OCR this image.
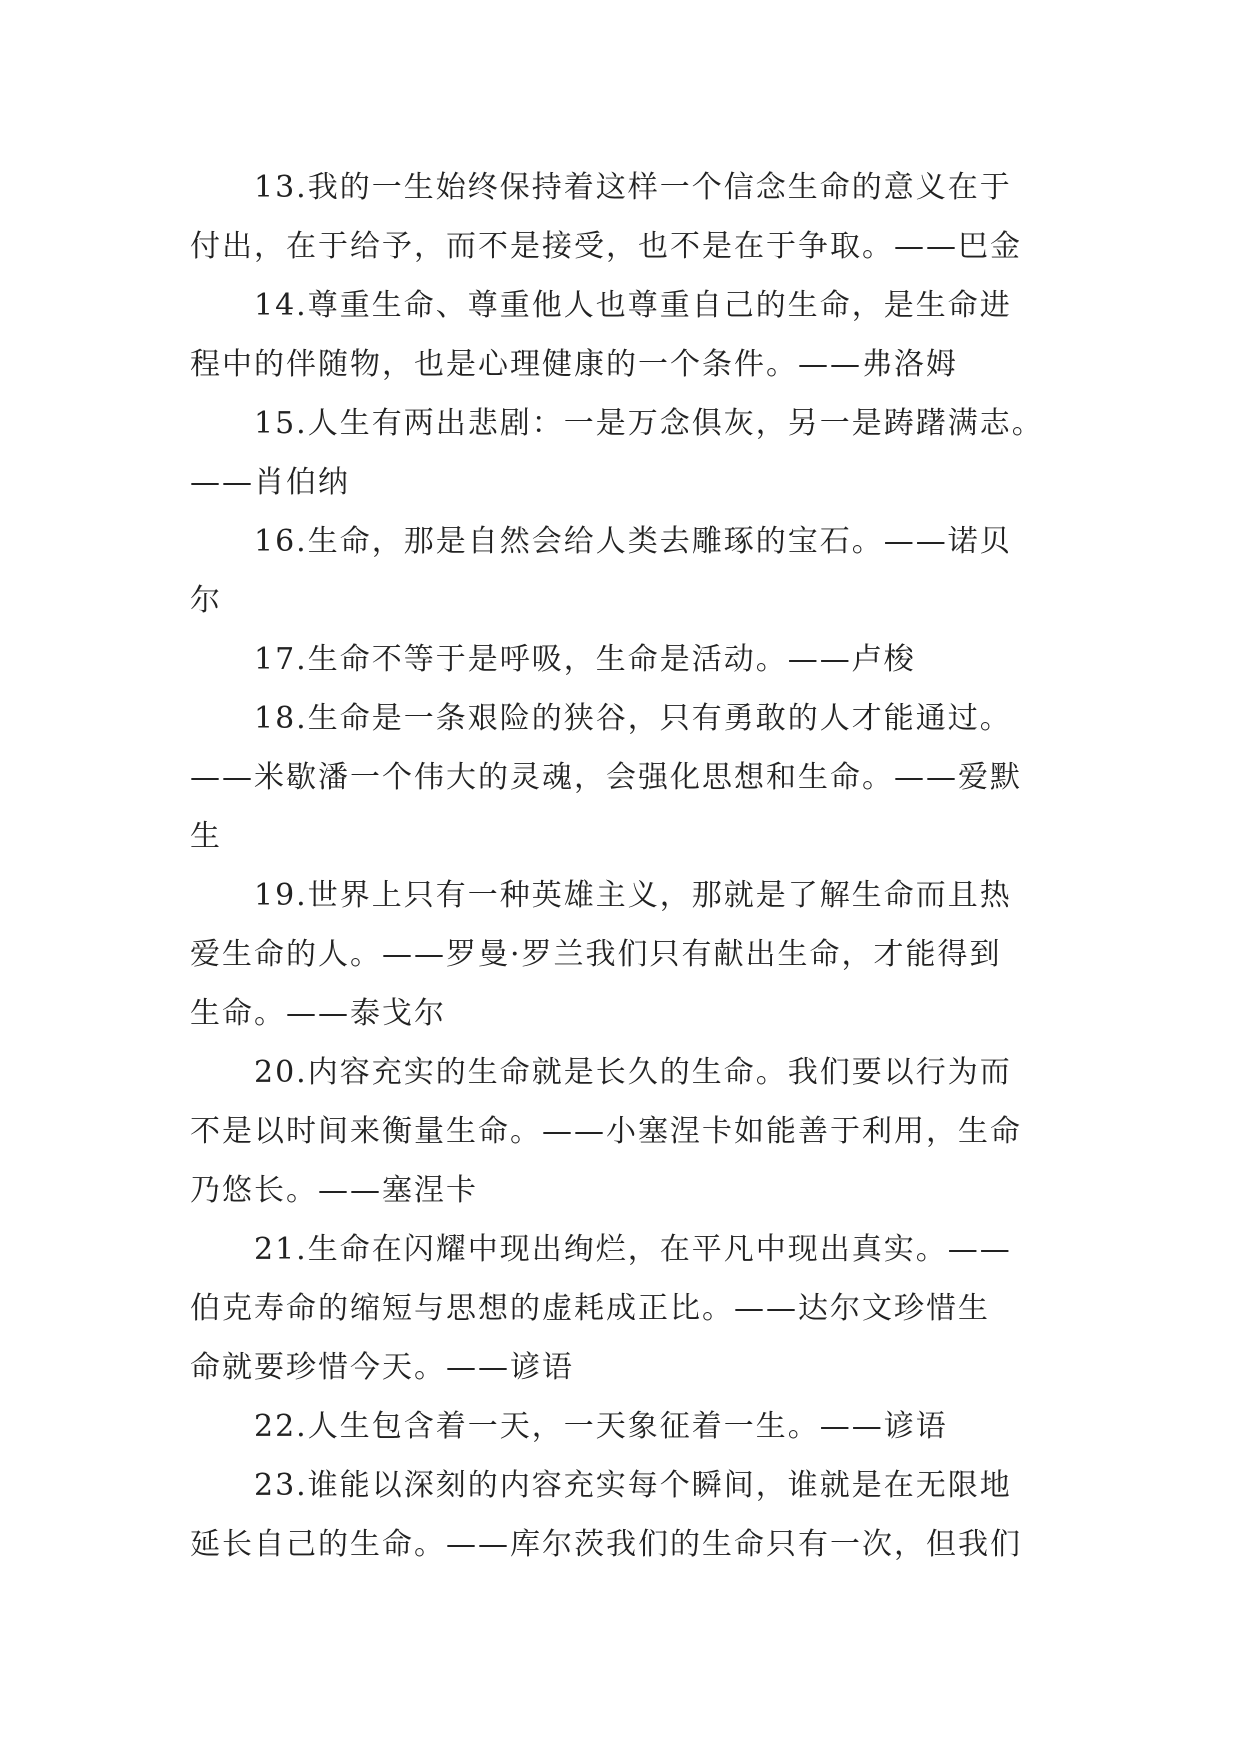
13.我的一生始终保持着这样一个信念生命的意义在于
付出，在于给予，而不是接受，也不是在于争取。——巴金
14.尊重生命、尊重他人也尊重自己的生命，是生命进
程中的伴随物，也是心理健康的一个条件。——弗洛姆
15.人生有两出悲剧：一是万念俱灰，另一是踌躇满志。
——肖伯纳
16.生命，那是自然会给人类去雕琢的宝石。——诺贝
尔
17.生命不等于是呼吸，生命是活动。——卢梭
18.生命是一条艰险的狭谷，只有勇敢的人才能通过。
——米歇潘一个伟大的灵魂，会强化思想和生命。——爱默
生
19.世界上只有一种英雄主义，那就是了解生命而且热
爱生命的人。——罗曼·罗兰我们只有献出生命，才能得到
生命。——泰戈尔
20.内容充实的生命就是长久的生命。我们要以行为而
不是以时间来衡量生命。——小塞涅卡如能善于利用，生命
乃悠长。——塞涅卡
21.生命在闪耀中现出绚烂，在平凡中现出真实。——
伯克寿命的缩短与思想的虚耗成正比。——达尔文珍惜生
命就要珍惜今天。——谚语
22.人生包含着一天，一天象征着一生。——谚语
23.谁能以深刻的内容充实每个瞬间，谁就是在无限地
延长自己的生命。——库尔茨我们的生命只有一次，但我们
